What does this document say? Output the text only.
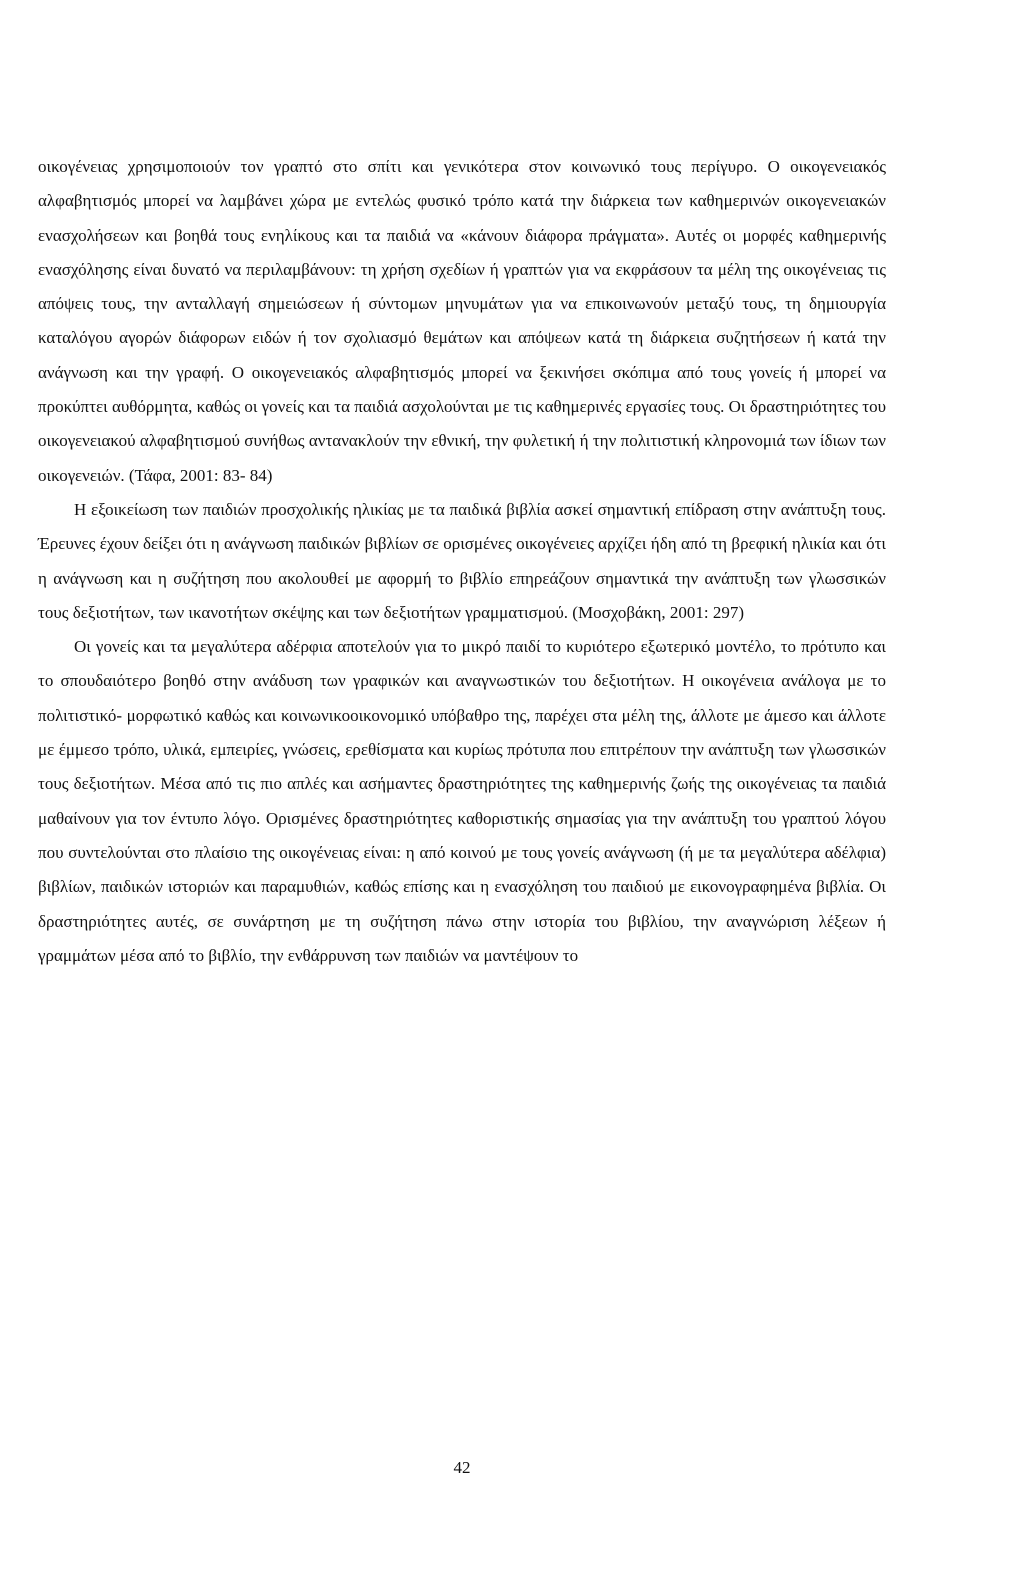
οικογένειας χρησιμοποιούν τον γραπτό στο σπίτι και γενικότερα στον κοινωνικό τους περίγυρο. Ο οικογενειακός αλφαβητισμός μπορεί να λαμβάνει χώρα με εντελώς φυσικό τρόπο κατά την διάρκεια των καθημερινών οικογενειακών ενασχολήσεων και βοηθά τους ενηλίκους και τα παιδιά να «κάνουν διάφορα πράγματα». Αυτές οι μορφές καθημερινής ενασχόλησης είναι δυνατό να περιλαμβάνουν: τη χρήση σχεδίων ή γραπτών για να εκφράσουν τα μέλη της οικογένειας τις απόψεις τους, την ανταλλαγή σημειώσεων ή σύντομων μηνυμάτων για να επικοινωνούν μεταξύ τους, τη δημιουργία καταλόγου αγορών διάφορων ειδών ή τον σχολιασμό θεμάτων και απόψεων κατά τη διάρκεια συζητήσεων ή κατά την ανάγνωση και την γραφή. Ο οικογενειακός αλφαβητισμός μπορεί να ξεκινήσει σκόπιμα από τους γονείς ή μπορεί να προκύπτει αυθόρμητα, καθώς οι γονείς και τα παιδιά ασχολούνται με τις καθημερινές εργασίες τους. Οι δραστηριότητες του οικογενειακού αλφαβητισμού συνήθως αντανακλούν την εθνική, την φυλετική ή την πολιτιστική κληρονομιά των ίδιων των οικογενειών. (Τάφα, 2001: 83- 84)

Η εξοικείωση των παιδιών προσχολικής ηλικίας με τα παιδικά βιβλία ασκεί σημαντική επίδραση στην ανάπτυξη τους. Έρευνες έχουν δείξει ότι η ανάγνωση παιδικών βιβλίων σε ορισμένες οικογένειες αρχίζει ήδη από τη βρεφική ηλικία και ότι η ανάγνωση και η συζήτηση που ακολουθεί με αφορμή το βιβλίο επηρεάζουν σημαντικά την ανάπτυξη των γλωσσικών τους δεξιοτήτων, των ικανοτήτων σκέψης και των δεξιοτήτων γραμματισμού. (Μοσχοβάκη, 2001: 297)

Οι γονείς και τα μεγαλύτερα αδέρφια αποτελούν για το μικρό παιδί το κυριότερο εξωτερικό μοντέλο, το πρότυπο και το σπουδαιότερο βοηθό στην ανάδυση των γραφικών και αναγνωστικών του δεξιοτήτων. Η οικογένεια ανάλογα με το πολιτιστικό- μορφωτικό καθώς και κοινωνικοοικονομικό υπόβαθρο της, παρέχει στα μέλη της, άλλοτε με άμεσο και άλλοτε με έμμεσο τρόπο, υλικά, εμπειρίες, γνώσεις, ερεθίσματα και κυρίως πρότυπα που επιτρέπουν την ανάπτυξη των γλωσσικών τους δεξιοτήτων. Μέσα από τις πιο απλές και ασήμαντες δραστηριότητες της καθημερινής ζωής της οικογένειας τα παιδιά μαθαίνουν για τον έντυπο λόγο. Ορισμένες δραστηριότητες καθοριστικής σημασίας για την ανάπτυξη του γραπτού λόγου που συντελούνται στο πλαίσιο της οικογένειας είναι: η από κοινού με τους γονείς ανάγνωση (ή με τα μεγαλύτερα αδέλφια) βιβλίων, παιδικών ιστοριών και παραμυθιών, καθώς επίσης και η ενασχόληση του παιδιού με εικονογραφημένα βιβλία. Οι δραστηριότητες αυτές, σε συνάρτηση με τη συζήτηση πάνω στην ιστορία του βιβλίου, την αναγνώριση λέξεων ή γραμμάτων μέσα από το βιβλίο, την ενθάρρυνση των παιδιών να μαντέψουν το

42
